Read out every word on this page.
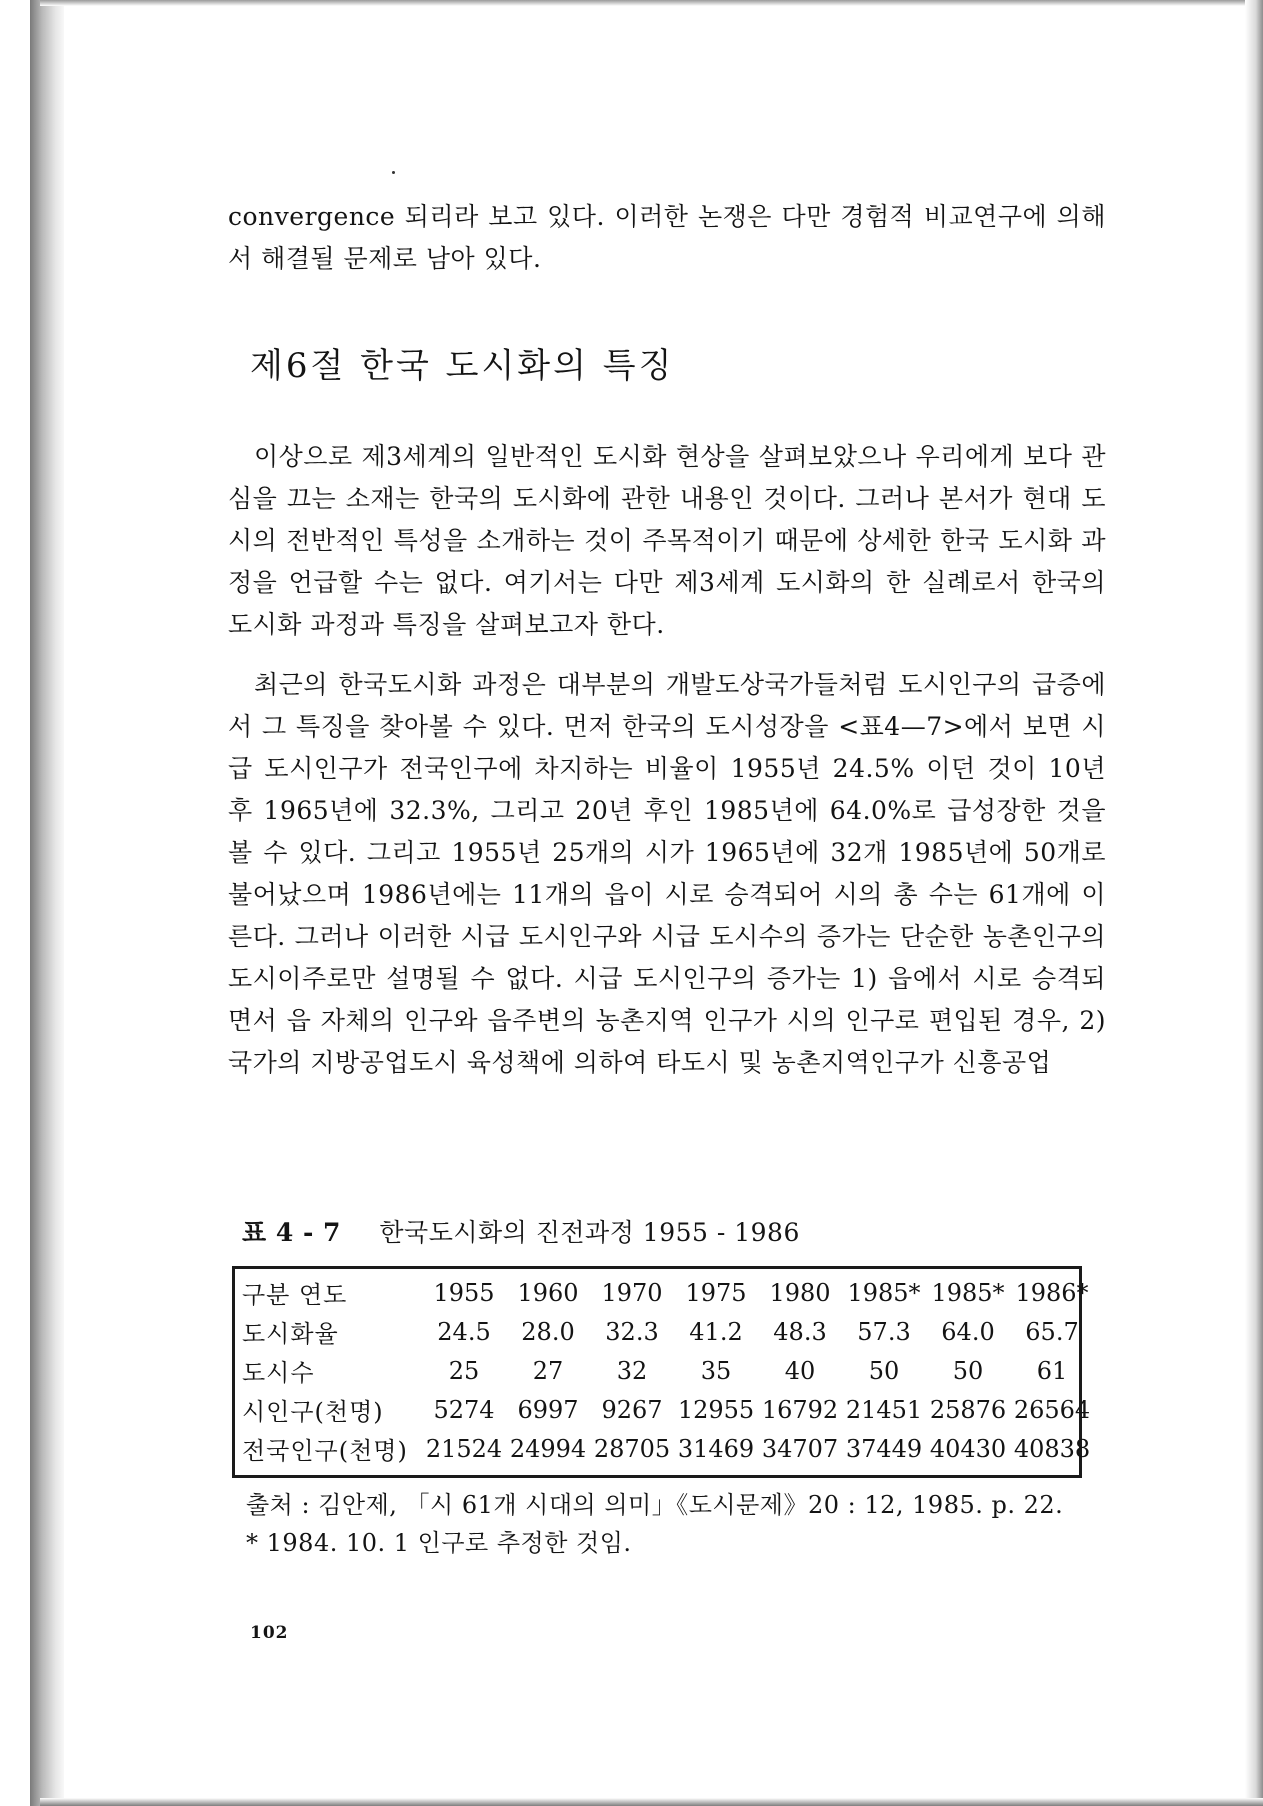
convergence 되리라 보고 있다. 이러한 논쟁은 다만 경험적 비교연구에 의해서 해결될 문제로 남아 있다.

제6절 한국 도시화의 특징

이상으로 제3세계의 일반적인 도시화 현상을 살펴보았으나 우리에게 보다 관심을 끄는 소재는 한국의 도시화에 관한 내용인 것이다. 그러나 본서가 현대 도시의 전반적인 특성을 소개하는 것이 주목적이기 때문에 상세한 한국 도시화 과정을 언급할 수는 없다. 여기서는 다만 제3세계 도시화의 한 실례로서 한국의 도시화 과정과 특징을 살펴보고자 한다.

최근의 한국도시화 과정은 대부분의 개발도상국가들처럼 도시인구의 급증에서 그 특징을 찾아볼 수 있다. 먼저 한국의 도시성장을 <표4—7>에서 보면 시급 도시인구가 전국인구에 차지하는 비율이 1955년 24.5% 이던 것이 10년 후 1965년에 32.3%, 그리고 20년 후인 1985년에 64.0%로 급성장한 것을 볼 수 있다. 그리고 1955년 25개의 시가 1965년에 32개 1985년에 50개로 불어났으며 1986년에는 11개의 읍이 시로 승격되어 시의 총 수는 61개에 이른다. 그러나 이러한 시급 도시인구와 시급 도시수의 증가는 단순한 농촌인구의 도시이주로만 설명될 수 없다. 시급 도시인구의 증가는 1) 읍에서 시로 승격되면서 읍 자체의 인구와 읍주변의 농촌지역 인구가 시의 인구로 편입된 경우, 2) 국가의 지방공업도시 육성책에 의하여 타도시 및 농촌지역인구가 신흥공업

표 4 - 7 한국도시화의 진전과정 1955 - 1986

구분 연도	1955	1960	1970	1975	1980	1985*	1985*	1986*
도시화율	24.5	28.0	32.3	41.2	48.3	57.3	64.0	65.7
도시수	25	27	32	35	40	50	50	61
시인구(천명)	5274	6997	9267	12955	16792	21451	25876	26564
전국인구(천명)	21524	24994	28705	31469	34707	37449	40430	40838
출처 : 김안제, 「시 61개 시대의 의미」《도시문제》20 : 12, 1985. p. 22.
* 1984. 10. 1 인구로 추정한 것임.

102
